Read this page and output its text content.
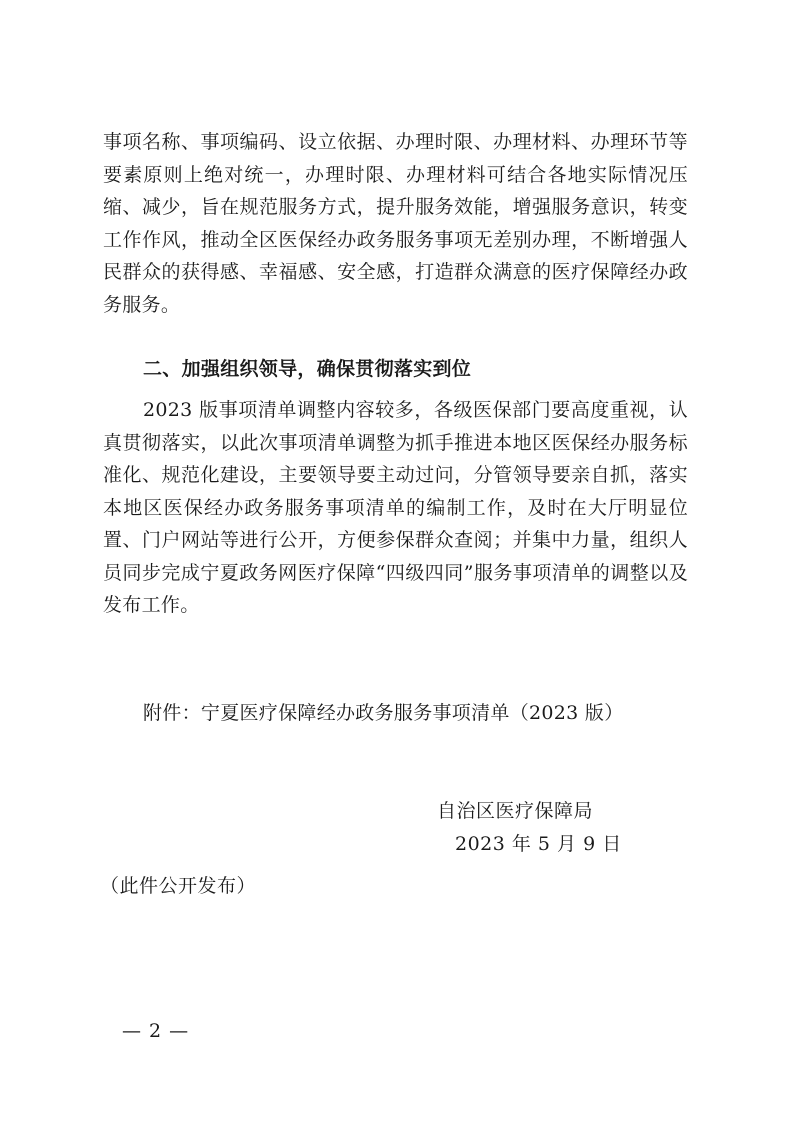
事项名称、事项编码、设立依据、办理时限、办理材料、办理环节等要素原则上绝对统一，办理时限、办理材料可结合各地实际情况压缩、减少，旨在规范服务方式，提升服务效能，增强服务意识，转变工作作风，推动全区医保经办政务服务事项无差别办理，不断增强人民群众的获得感、幸福感、安全感，打造群众满意的医疗保障经办政务服务。

二、加强组织领导，确保贯彻落实到位

2023 版事项清单调整内容较多，各级医保部门要高度重视，认真贯彻落实，以此次事项清单调整为抓手推进本地区医保经办服务标准化、规范化建设，主要领导要主动过问，分管领导要亲自抓，落实本地区医保经办政务服务事项清单的编制工作，及时在大厅明显位置、门户网站等进行公开，方便参保群众查阅；并集中力量，组织人员同步完成宁夏政务网医疗保障“四级四同”服务事项清单的调整以及发布工作。

附件：宁夏医疗保障经办政务服务事项清单（2023 版）
自治区医疗保障局
2023 年 5 月 9 日
（此件公开发布）
— 2 —
